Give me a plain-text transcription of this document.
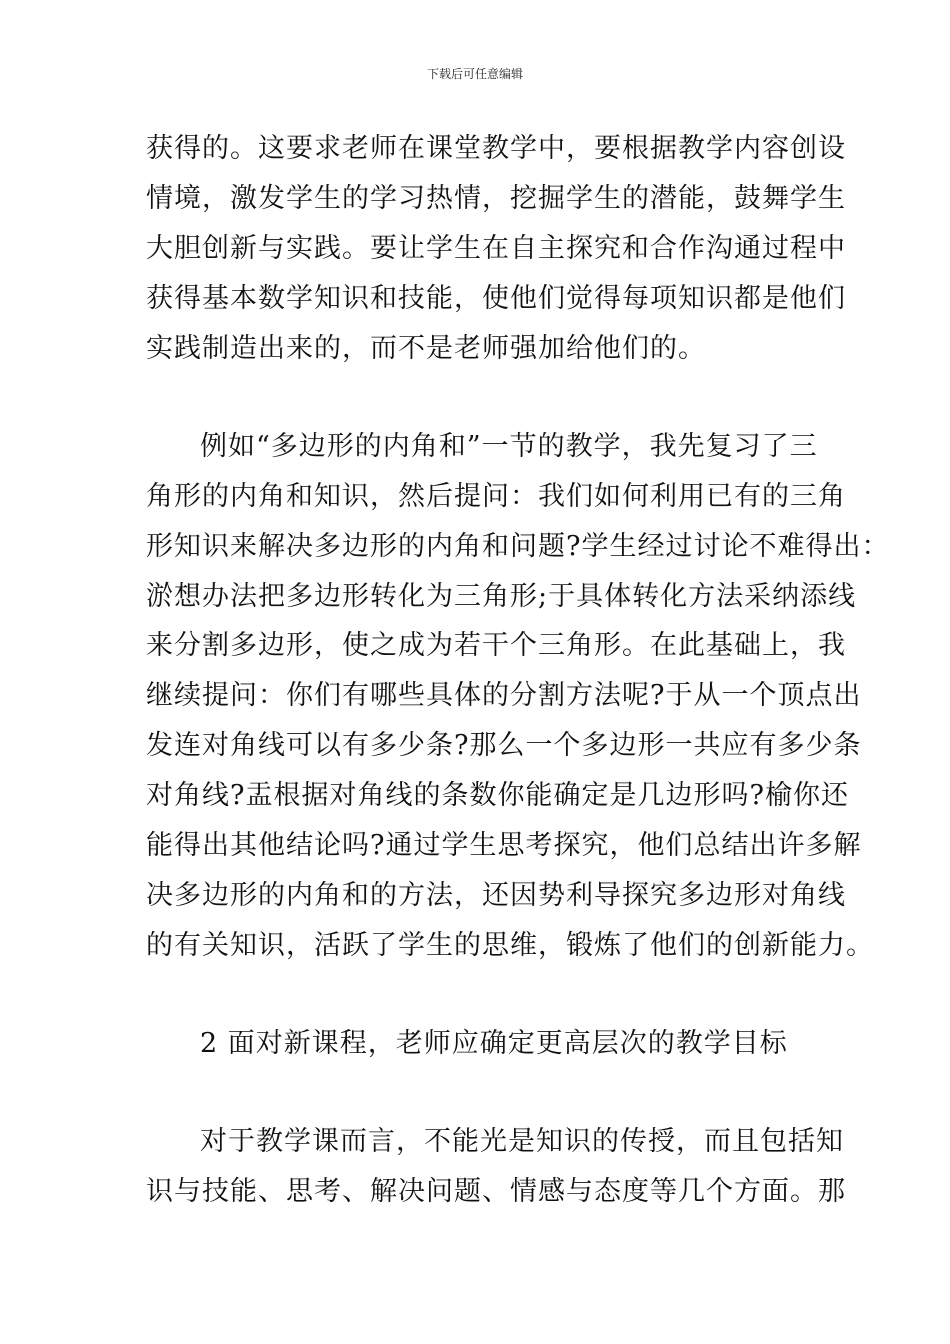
下载后可任意编辑
获得的。这要求老师在课堂教学中，要根据教学内容创设
情境，激发学生的学习热情，挖掘学生的潜能，鼓舞学生
大胆创新与实践。要让学生在自主探究和合作沟通过程中
获得基本数学知识和技能，使他们觉得每项知识都是他们
实践制造出来的，而不是老师强加给他们的。
例如“多边形的内角和”一节的教学，我先复习了三
角形的内角和知识，然后提问：我们如何利用已有的三角
形知识来解决多边形的内角和问题?学生经过讨论不难得出：
淤想办法把多边形转化为三角形;于具体转化方法采纳添线
来分割多边形，使之成为若干个三角形。在此基础上，我
继续提问：你们有哪些具体的分割方法呢?于从一个顶点出
发连对角线可以有多少条?那么一个多边形一共应有多少条
对角线?盂根据对角线的条数你能确定是几边形吗?榆你还
能得出其他结论吗?通过学生思考探究，他们总结出许多解
决多边形的内角和的方法，还因势利导探究多边形对角线
的有关知识，活跃了学生的思维，锻炼了他们的创新能力。
2 面对新课程，老师应确定更高层次的教学目标
对于教学课而言，不能光是知识的传授，而且包括知
识与技能、思考、解决问题、情感与态度等几个方面。那
